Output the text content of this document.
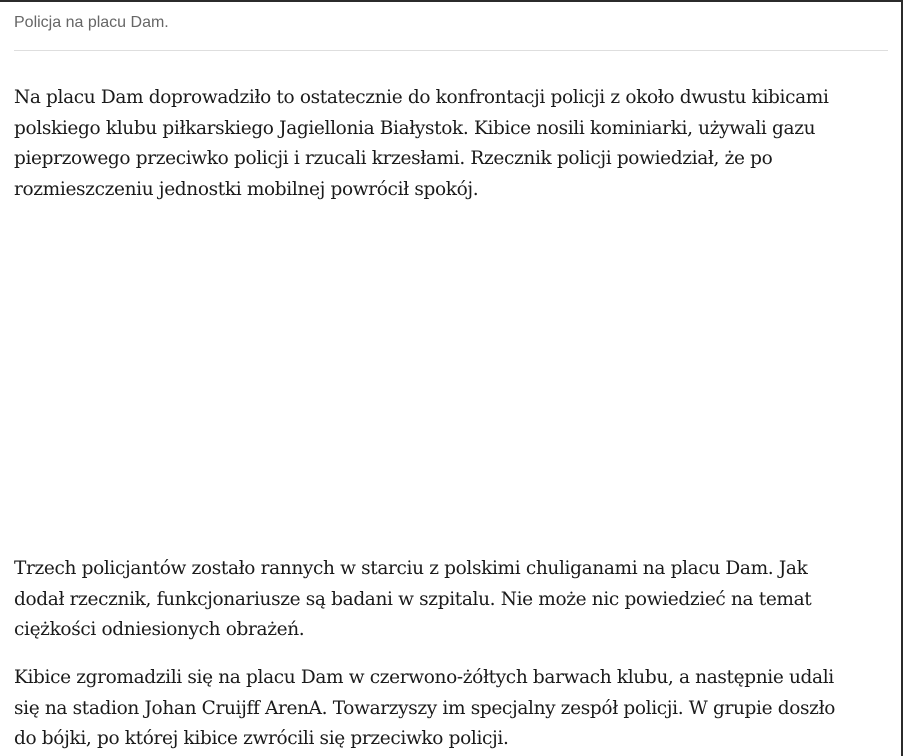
Policja na placu Dam.

Na placu Dam doprowadziło to ostatecznie do konfrontacji policji z około dwustu kibicami
polskiego klubu piłkarskiego Jagiellonia Białystok. Kibice nosili kominiarki, używali gazu
pieprzowego przeciwko policji i rzucali krzesłami. Rzecznik policji powiedział, że po
rozmieszczeniu jednostki mobilnej powrócił spokój.

Trzech policjantów zostało rannych w starciu z polskimi chuliganami na placu Dam. Jak
dodał rzecznik, funkcjonariusze są badani w szpitalu. Nie może nic powiedzieć na temat
ciężkości odniesionych obrażeń.

Kibice zgromadzili się na placu Dam w czerwono-żółtych barwach klubu, a następnie udali
się na stadion Johan Cruijff ArenA. Towarzyszy im specjalny zespół policji. W grupie doszło
do bójki, po której kibice zwrócili się przeciwko policji.
